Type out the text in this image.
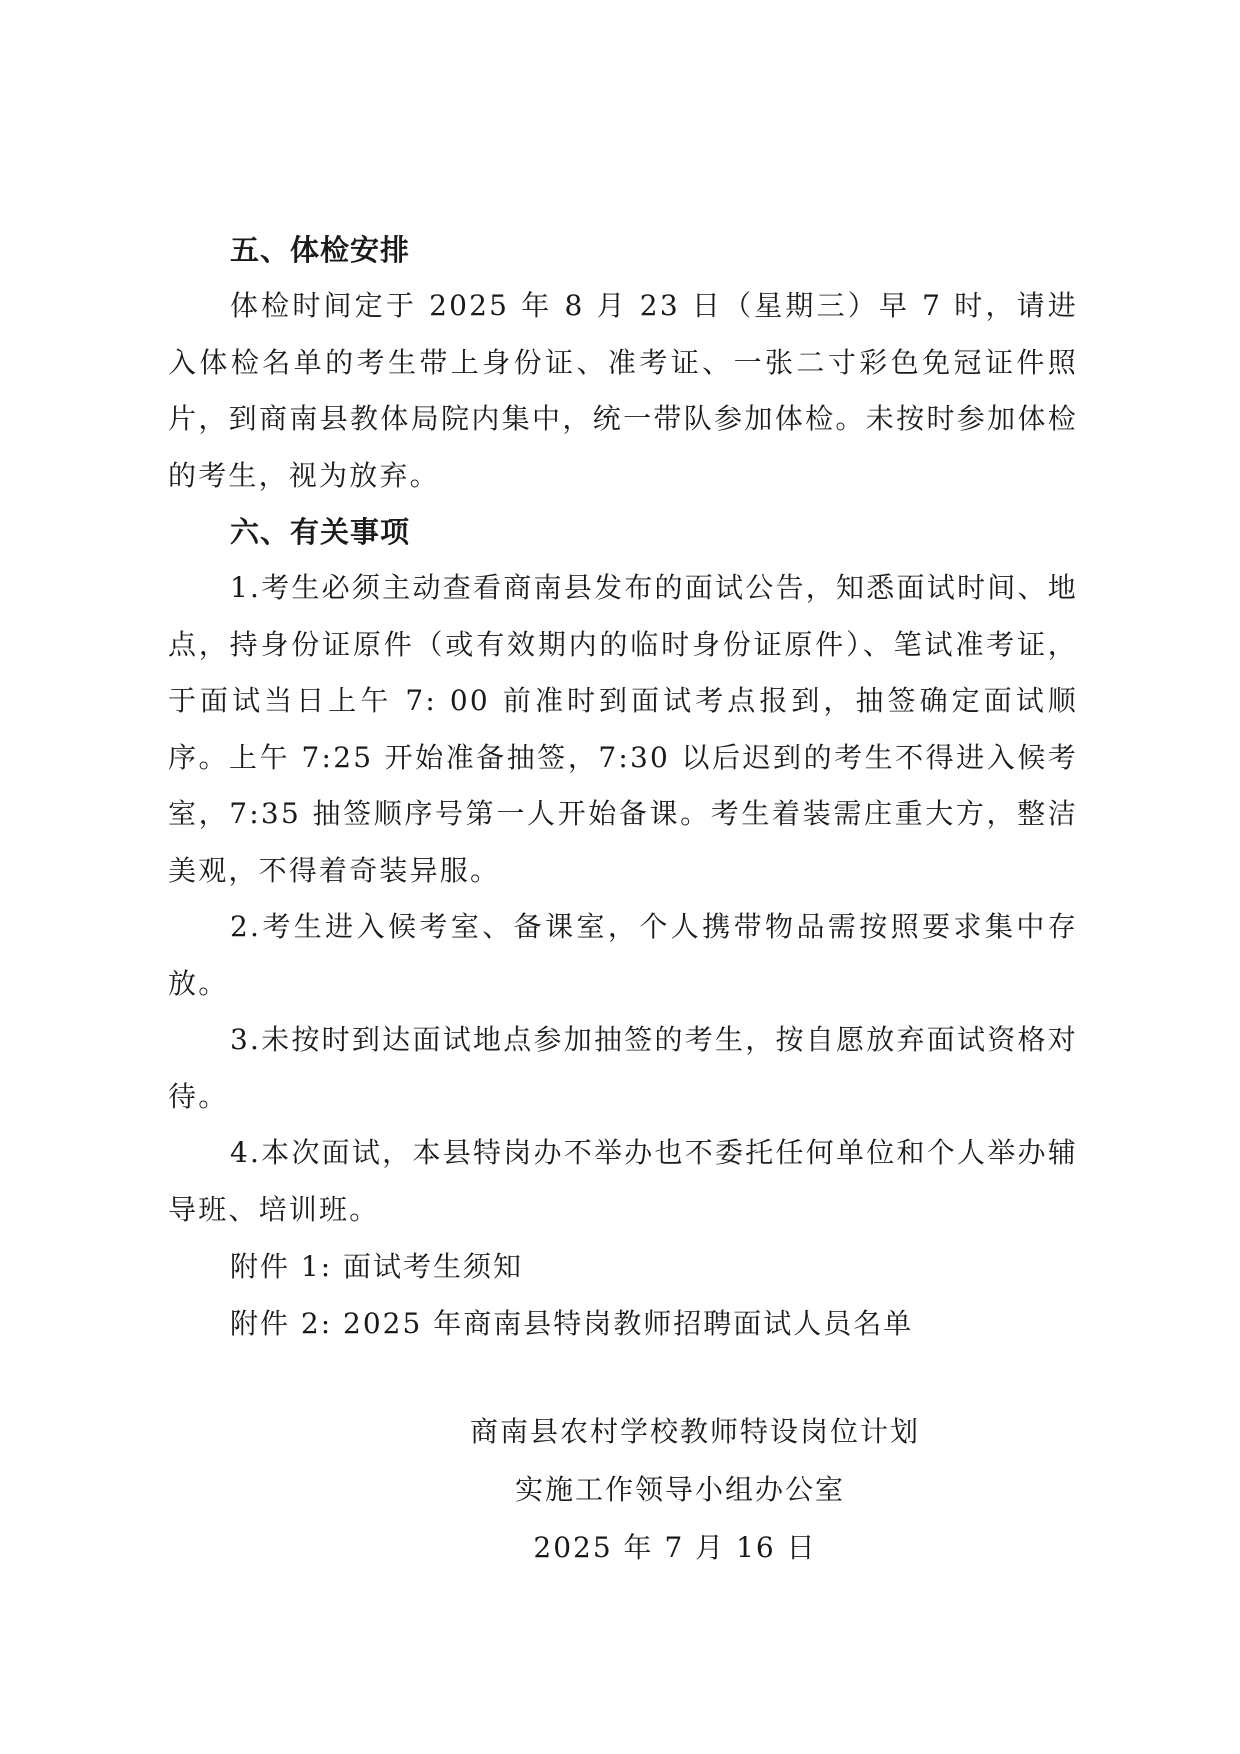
五、体检安排

体检时间定于 2025 年 8 月 23 日（星期三）早 7 时，请进入体检名单的考生带上身份证、准考证、一张二寸彩色免冠证件照片，到商南县教体局院内集中，统一带队参加体检。未按时参加体检的考生，视为放弃。

六、有关事项

1.考生必须主动查看商南县发布的面试公告，知悉面试时间、地点，持身份证原件（或有效期内的临时身份证原件）、笔试准考证，于面试当日上午 7: 00 前准时到面试考点报到，抽签确定面试顺序。上午 7:25 开始准备抽签，7:30 以后迟到的考生不得进入候考室，7:35 抽签顺序号第一人开始备课。考生着装需庄重大方，整洁美观，不得着奇装异服。

2.考生进入候考室、备课室，个人携带物品需按照要求集中存放。

3.未按时到达面试地点参加抽签的考生，按自愿放弃面试资格对待。

4.本次面试，本县特岗办不举办也不委托任何单位和个人举办辅导班、培训班。

附件 1: 面试考生须知

附件 2: 2025 年商南县特岗教师招聘面试人员名单

商南县农村学校教师特设岗位计划

实施工作领导小组办公室

2025 年 7 月 16 日
